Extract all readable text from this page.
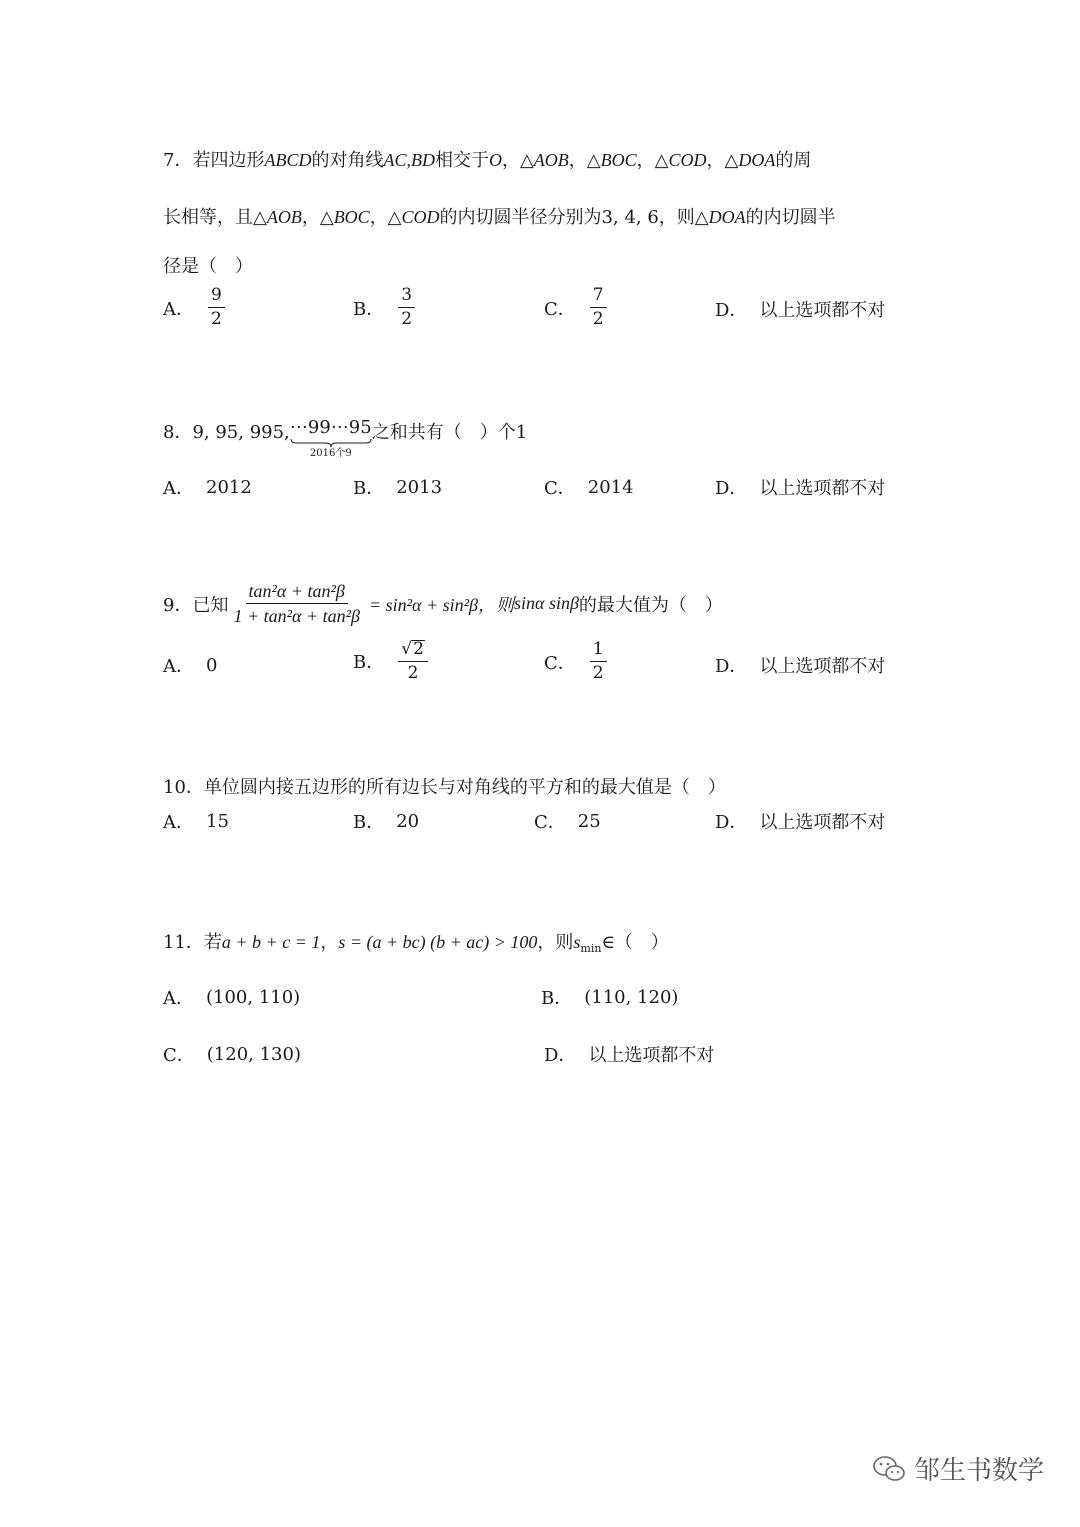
7．若四边形ABCD的对角线AC,BD相交于O，△AOB，△BOC，△COD，△DOA的周
长相等，且△AOB，△BOC，△COD的内切圆半径分别为3, 4, 6，则△DOA的内切圆半
径是（　）
A． $\frac{9}{2}$	B． $\frac{3}{2}$	C． $\frac{7}{2}$	D． 以上选项都不对
8．9, 95, 995, ⋯99⋯95
2016个9
之和共有（　）个1
A． 2012	B． 2013	C． 2014	D． 以上选项都不对
9．已知 $\frac{\text{tan²α + tan²β}}{\text{1 + tan²α + tan²β}} = \sin^2\alpha + \sin^2\beta$，则 sinα sinβ 的最大值为（　）
A． 0	B． $\frac{√ 2}{2}$	C． $\frac{1}{2}$	D． 以上选项都不对
10．单位圆内接五边形的所有边长与对角线的平方和的最大值是（　）
A． 15	B． 20	C． 25	D． 以上选项都不对
11．若a + b + c = 1，s = (a + bc) (b + ac) > 100，则$s_{min}\in$（　）
A． (100, 110)	B． (110, 120)
C． (120, 130)	D． 以上选项都不对
邹生书数学
